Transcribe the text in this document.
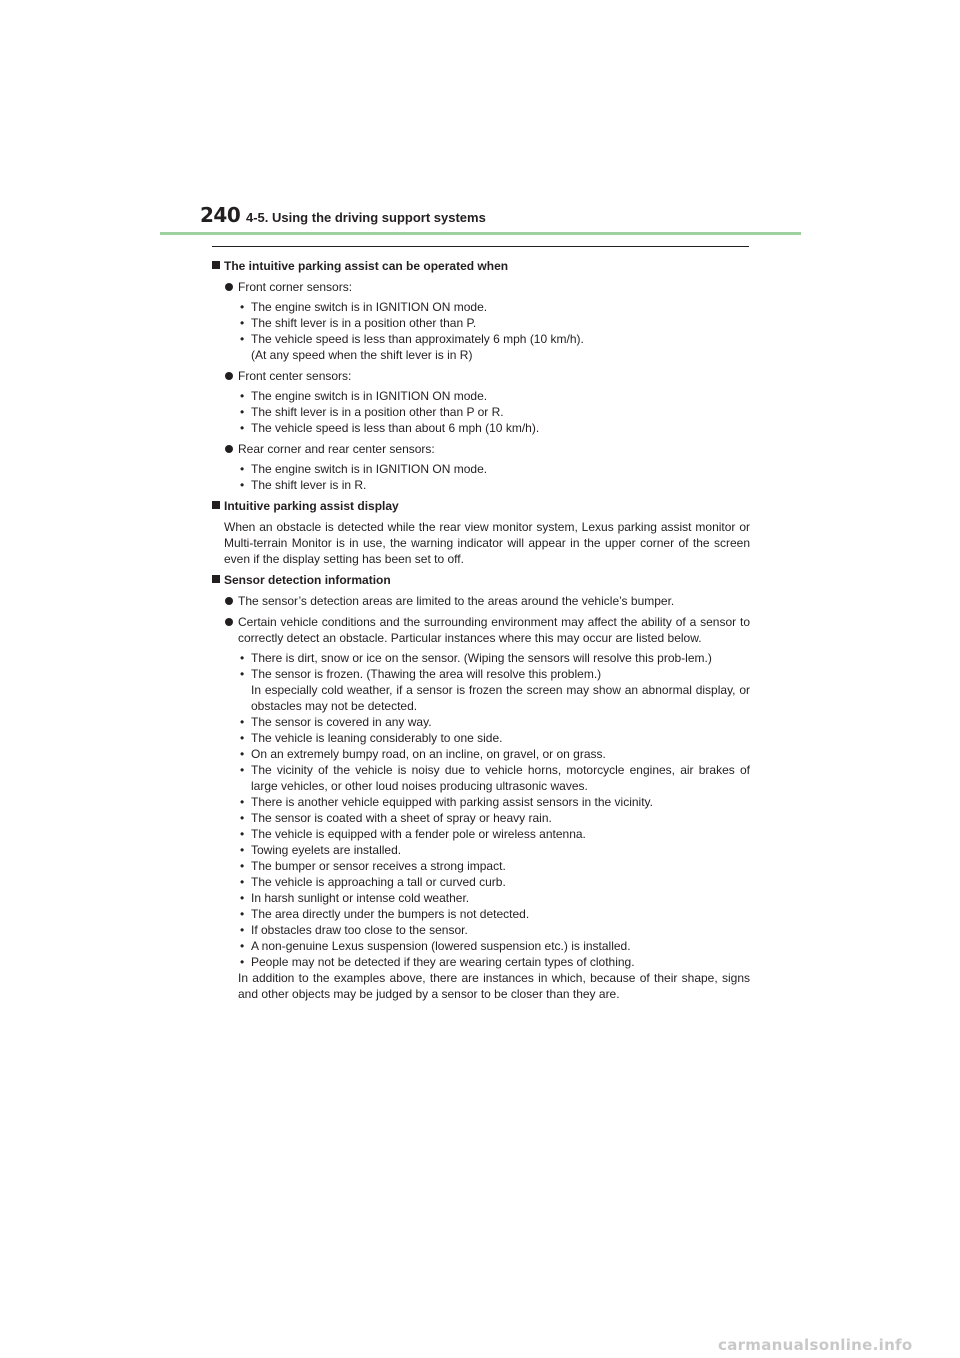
240 4-5. Using the driving support systems
The intuitive parking assist can be operated when
Front corner sensors:
• The engine switch is in IGNITION ON mode.
• The shift lever is in a position other than P.
• The vehicle speed is less than approximately 6 mph (10 km/h).
(At any speed when the shift lever is in R)
Front center sensors:
• The engine switch is in IGNITION ON mode.
• The shift lever is in a position other than P or R.
• The vehicle speed is less than about 6 mph (10 km/h).
Rear corner and rear center sensors:
• The engine switch is in IGNITION ON mode.
• The shift lever is in R.
Intuitive parking assist display
When an obstacle is detected while the rear view monitor system, Lexus parking assist monitor or Multi-terrain Monitor is in use, the warning indicator will appear in the upper corner of the screen even if the display setting has been set to off.
Sensor detection information
The sensor’s detection areas are limited to the areas around the vehicle’s bumper.
Certain vehicle conditions and the surrounding environment may affect the ability of a sensor to correctly detect an obstacle. Particular instances where this may occur are listed below.
• There is dirt, snow or ice on the sensor. (Wiping the sensors will resolve this prob-lem.)
• The sensor is frozen. (Thawing the area will resolve this problem.)
In especially cold weather, if a sensor is frozen the screen may show an abnormal display, or obstacles may not be detected.
• The sensor is covered in any way.
• The vehicle is leaning considerably to one side.
• On an extremely bumpy road, on an incline, on gravel, or on grass.
• The vicinity of the vehicle is noisy due to vehicle horns, motorcycle engines, air brakes of large vehicles, or other loud noises producing ultrasonic waves.
• There is another vehicle equipped with parking assist sensors in the vicinity.
• The sensor is coated with a sheet of spray or heavy rain.
• The vehicle is equipped with a fender pole or wireless antenna.
• Towing eyelets are installed.
• The bumper or sensor receives a strong impact.
• The vehicle is approaching a tall or curved curb.
• In harsh sunlight or intense cold weather.
• The area directly under the bumpers is not detected.
• If obstacles draw too close to the sensor.
• A non-genuine Lexus suspension (lowered suspension etc.) is installed.
• People may not be detected if they are wearing certain types of clothing.
In addition to the examples above, there are instances in which, because of their shape, signs and other objects may be judged by a sensor to be closer than they are.
carmanualsonline.info
